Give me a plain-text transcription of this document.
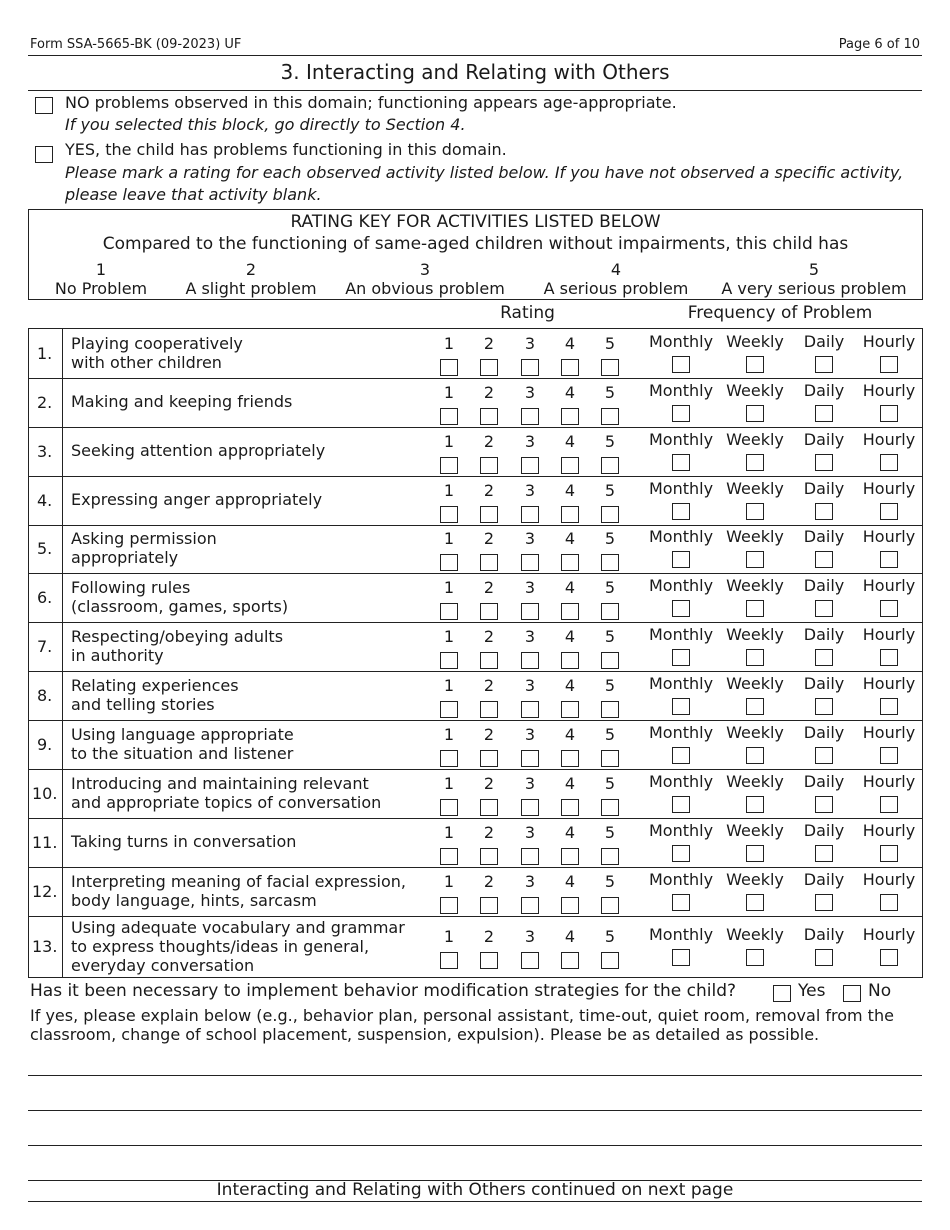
Form SSA-5665-BK (09-2023) UF	Page 6 of 10
3. Interacting and Relating with Others
NO problems observed in this domain; functioning appears age-appropriate.
If you selected this block, go directly to Section 4.
YES, the child has problems functioning in this domain.
Please mark a rating for each observed activity listed below. If you have not observed a specific activity,
please leave that activity blank.
RATING KEY FOR ACTIVITIES LISTED BELOW
Compared to the functioning of same-aged children without impairments, this child has
1
No Problem
2
A slight problem
3
An obvious problem
4
A serious problem
5
A very serious problem
Rating	Frequency of Problem
1.
Playing cooperatively
with other children
1	2	3	4	5	Monthly Weekly	Daily	Hourly
2. Making and keeping friends	1	2	3	4	5	Monthly Weekly	Daily	Hourly
3. Seeking attention appropriately	1	2	3	4	5	Monthly Weekly	Daily	Hourly
4. Expressing anger appropriately	1	2	3	4	5	Monthly Weekly	Daily	Hourly
5.
Asking permission
appropriately
1	2	3	4	5	Monthly Weekly	Daily	Hourly
6.
Following rules
(classroom, games, sports)
1	2	3	4	5	Monthly Weekly	Daily	Hourly
7.
Respecting/obeying adults
in authority
1	2	3	4	5	Monthly Weekly	Daily	Hourly
8.
Relating experiences
and telling stories
1	2	3	4	5	Monthly Weekly	Daily	Hourly
9.
Using language appropriate
to the situation and listener
1	2	3	4	5	Monthly Weekly	Daily	Hourly
10.
Introducing and maintaining relevant
and appropriate topics of conversation
1	2	3	4	5	Monthly Weekly	Daily	Hourly
11. Taking turns in conversation	1	2	3	4	5	Monthly Weekly	Daily	Hourly
12.
Interpreting meaning of facial expression,
body language, hints, sarcasm
1	2	3	4	5	Monthly Weekly	Daily	Hourly
13.
Using adequate vocabulary and grammar
to express thoughts/ideas in general,
everyday conversation
1	2	3	4	5	Monthly Weekly	Daily	Hourly
Has it been necessary to implement behavior modification strategies for the child?	Yes	No
If yes, please explain below (e.g., behavior plan, personal assistant, time-out, quiet room, removal from the
classroom, change of school placement, suspension, expulsion). Please be as detailed as possible.
Interacting and Relating with Others continued on next page
